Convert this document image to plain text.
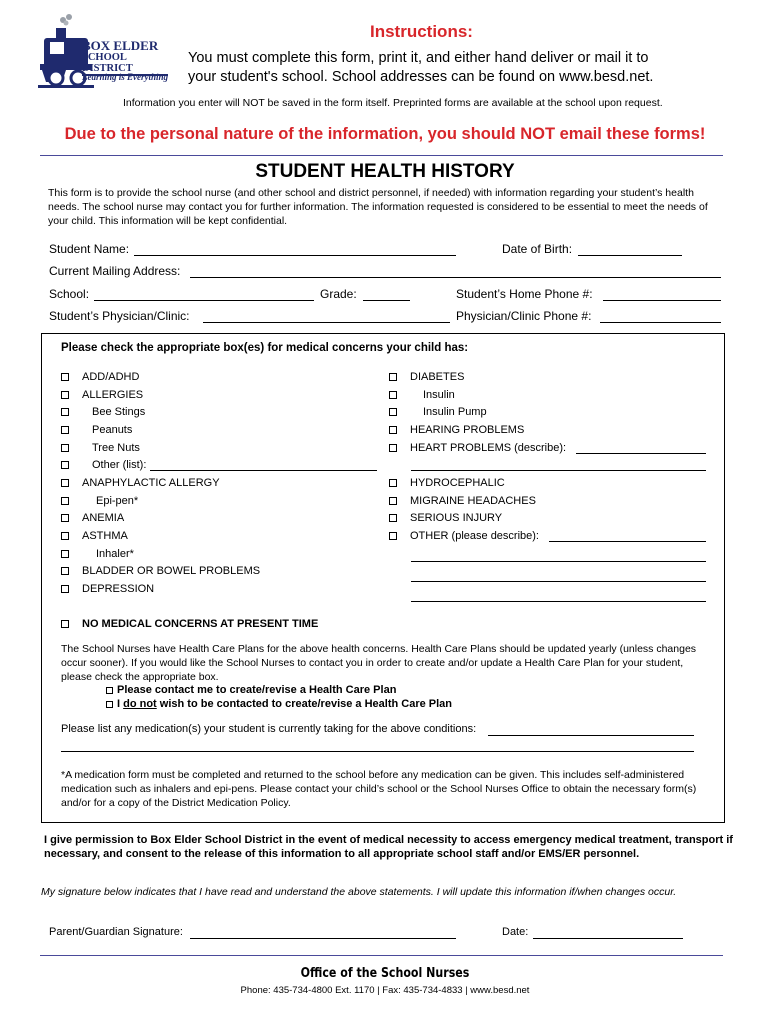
BOX ELDER
SCHOOL DISTRICT
Learning is Everything
Instructions:
You must complete this form, print it, and either hand deliver or mail it to
your student's school. School addresses can be found on www.besd.net.
Information you enter will NOT be saved in the form itself. Preprinted forms are available at the school upon request.
Due to the personal nature of the information, you should NOT email these forms!
STUDENT HEALTH HISTORY
This form is to provide the school nurse (and other school and district personnel, if needed) with information regarding your student’s health needs. The school nurse may contact you for further information. The information requested is considered to be essential to meet the needs of your child. This information will be kept confidential.
Student Name:	Date of Birth:
Current Mailing Address:
School:	Grade:	Student’s Home Phone #:
Student’s Physician/Clinic:	Physician/Clinic Phone #:
Please check the appropriate box(es) for medical concerns your child has:
ADD/ADHD
ALLERGIES
Bee Stings
Peanuts
Tree Nuts
Other (list):
ANAPHYLACTIC ALLERGY
Epi-pen*
ANEMIA
ASTHMA
Inhaler*
BLADDER OR BOWEL PROBLEMS
DEPRESSION
DIABETES
Insulin
Insulin Pump
HEARING PROBLEMS
HEART PROBLEMS (describe):
HYDROCEPHALIC
MIGRAINE HEADACHES
SERIOUS INJURY
OTHER (please describe):
NO MEDICAL CONCERNS AT PRESENT TIME
The School Nurses have Health Care Plans for the above health concerns. Health Care Plans should be updated yearly (unless changes occur sooner). If you would like the School Nurses to contact you in order to create and/or update a Health Care Plan for your student, please check the appropriate box.
Please contact me to create/revise a Health Care Plan
I do not wish to be contacted to create/revise a Health Care Plan
Please list any medication(s) your student is currently taking for the above conditions:
*A medication form must be completed and returned to the school before any medication can be given. This includes self-administered medication such as inhalers and epi-pens. Please contact your child’s school or the School Nurses Office to obtain the necessary form(s) and/or for a copy of the District Medication Policy.
I give permission to Box Elder School District in the event of medical necessity to access emergency medical treatment, transport if necessary, and consent to the release of this information to all appropriate school staff and/or EMS/ER personnel.
My signature below indicates that I have read and understand the above statements. I will update this information if/when changes occur.
Parent/Guardian Signature:	Date:
Office of the School Nurses
Phone: 435-734-4800 Ext. 1170 | Fax: 435-734-4833 | www.besd.net
